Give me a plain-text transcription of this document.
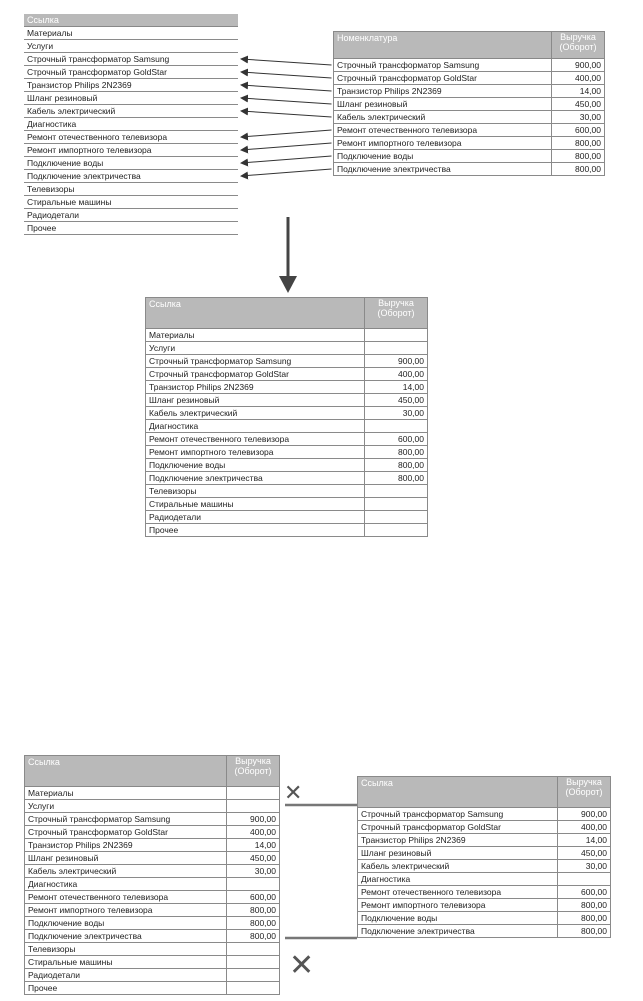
Ссылка
Материалы
Услуги
Строчный трансформатор Samsung
Строчный трансформатор GoldStar
Транзистор Philips 2N2369
Шланг резиновый
Кабель электрический
Диагностика
Ремонт отечественного телевизора
Ремонт импортного телевизора
Подключение воды
Подключение электричества
Телевизоры
Стиральные машины
Радиодетали
Прочее
Номенклатура	Выручка
(Оборот)
Строчный трансформатор Samsung	900,00
Строчный трансформатор GoldStar	400,00
Транзистор Philips 2N2369	14,00
Шланг резиновый	450,00
Кабель электрический	30,00
Ремонт отечественного телевизора	600,00
Ремонт импортного телевизора	800,00
Подключение воды	800,00
Подключение электричества	800,00
Ссылка	Выручка
(Оборот)
Материалы	
Услуги	
Строчный трансформатор Samsung	900,00
Строчный трансформатор GoldStar	400,00
Транзистор Philips 2N2369	14,00
Шланг резиновый	450,00
Кабель электрический	30,00
Диагностика	
Ремонт отечественного телевизора	600,00
Ремонт импортного телевизора	800,00
Подключение воды	800,00
Подключение электричества	800,00
Телевизоры	
Стиральные машины	
Радиодетали	
Прочее	
Ссылка	Выручка
(Оборот)
Материалы	
Услуги	
Строчный трансформатор Samsung	900,00
Строчный трансформатор GoldStar	400,00
Транзистор Philips 2N2369	14,00
Шланг резиновый	450,00
Кабель электрический	30,00
Диагностика	
Ремонт отечественного телевизора	600,00
Ремонт импортного телевизора	800,00
Подключение воды	800,00
Подключение электричества	800,00
Телевизоры	
Стиральные машины	
Радиодетали	
Прочее	
Ссылка	Выручка
(Оборот)
Строчный трансформатор Samsung	900,00
Строчный трансформатор GoldStar	400,00
Транзистор Philips 2N2369	14,00
Шланг резиновый	450,00
Кабель электрический	30,00
Диагностика	
Ремонт отечественного телевизора	600,00
Ремонт импортного телевизора	800,00
Подключение воды	800,00
Подключение электричества	800,00
✕
✕
